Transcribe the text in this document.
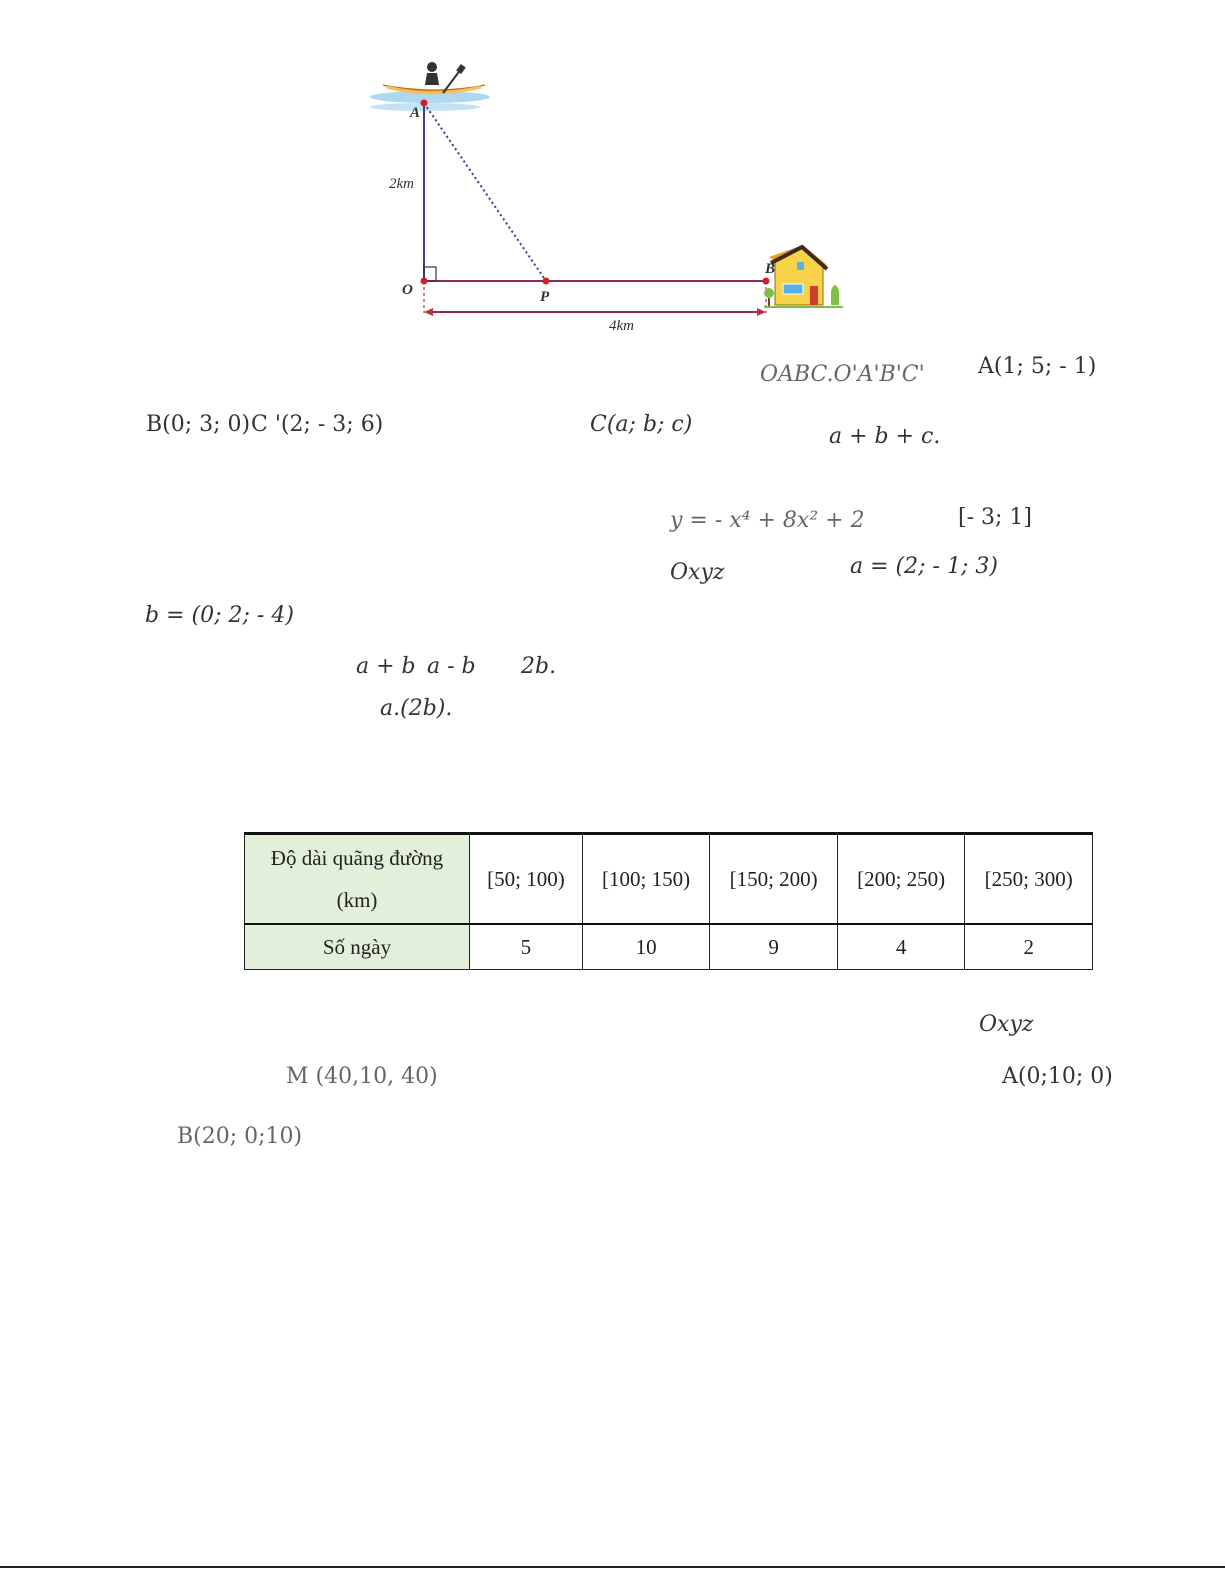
A
O	P
B
2km
4km
OABC.O'A'B'C' A(1; 5; - 1)
B(0; 3; 0) C '(2; - 3; 6)	C(a; b; c)	a + b + c.
y = - x⁴ + 8x² + 2	[- 3; 1]
Oxyz	a = (2; - 1; 3)
b = (0; 2; - 4)
a + b a - b 2b.
a.(2b).
Độ dài quãng đường
(km)	[50; 100)	[100; 150)	[150; 200)	[200; 250)	[250; 300)
Số ngày	5	10	9	4	2
Oxyz
M (40,10, 40)	A(0;10; 0)
B(20; 0;10)
